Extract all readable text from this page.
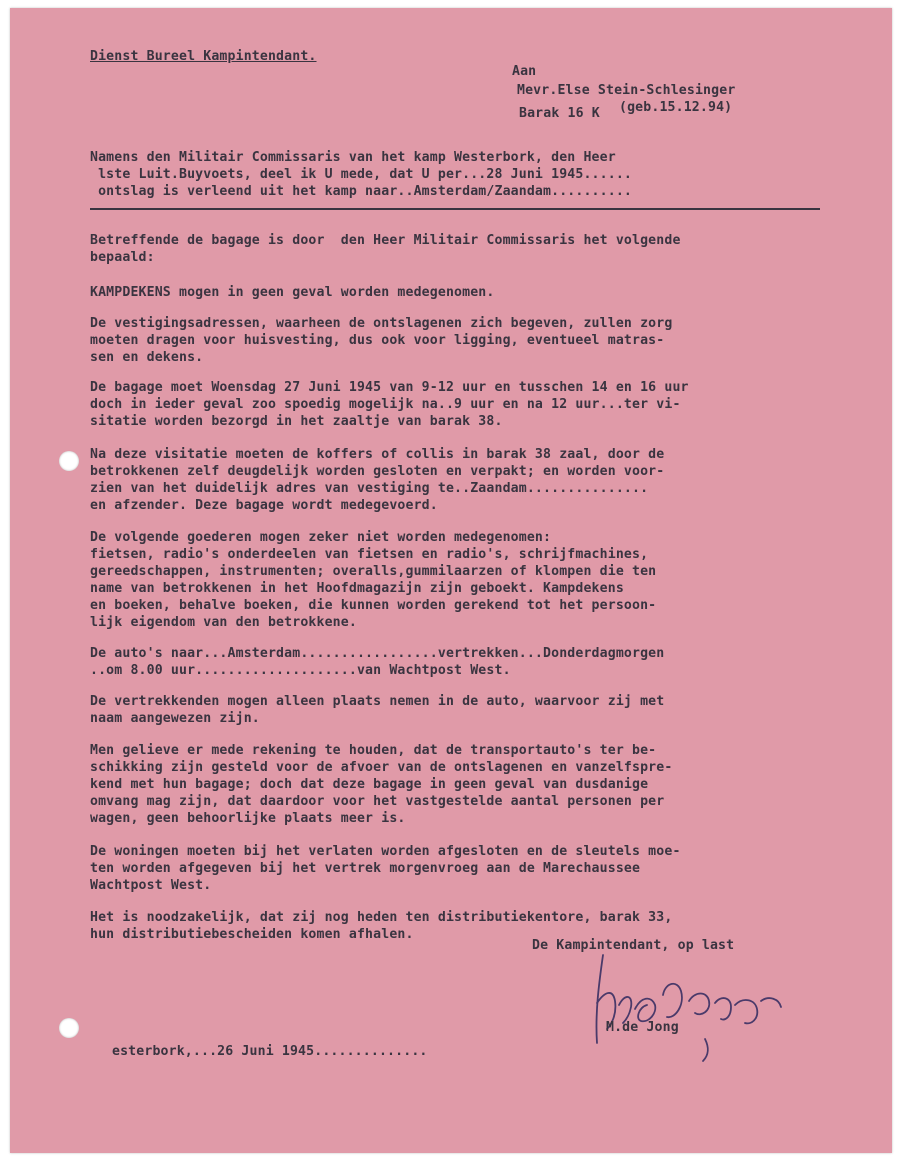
Dienst Bureel Kampintendant.
Aan
Mevr.Else Stein-Schlesinger
Barak 16 K (geb.15.12.94)
Namens den Militair Commissaris van het kamp Westerbork, den Heer
lste Luit.Buyvoets, deel ik U mede, dat U per...28 Juni 1945......
ontslag is verleend uit het kamp naar..Amsterdam/Zaandam..........
Betreffende de bagage is door  den Heer Militair Commissaris het volgende
bepaald:
KAMPDEKENS mogen in geen geval worden medegenomen.
De vestigingsadressen, waarheen de ontslagenen zich begeven, zullen zorg
moeten dragen voor huisvesting, dus ook voor ligging, eventueel matras-
sen en dekens.
De bagage moet Woensdag 27 Juni 1945 van 9-12 uur en tusschen 14 en 16 uur
doch in ieder geval zoo spoedig mogelijk na..9 uur en na 12 uur...ter vi-
sitatie worden bezorgd in het zaaltje van barak 38.
Na deze visitatie moeten de koffers of collis in barak 38 zaal, door de
betrokkenen zelf deugdelijk worden gesloten en verpakt; en worden voor-
zien van het duidelijk adres van vestiging te..Zaandam...............
en afzender. Deze bagage wordt medegevoerd.
De volgende goederen mogen zeker niet worden medegenomen:
fietsen, radio's onderdeelen van fietsen en radio's, schrijfmachines,
gereedschappen, instrumenten; overalls,gummilaarzen of klompen die ten
name van betrokkenen in het Hoofdmagazijn zijn geboekt. Kampdekens
en boeken, behalve boeken, die kunnen worden gerekend tot het persoon-
lijk eigendom van den betrokkene.
De auto's naar...Amsterdam.................vertrekken...Donderdagmorgen
..om 8.00 uur....................van Wachtpost West.
De vertrekkenden mogen alleen plaats nemen in de auto, waarvoor zij met
naam aangewezen zijn.
Men gelieve er mede rekening te houden, dat de transportauto's ter be-
schikking zijn gesteld voor de afvoer van de ontslagenen en vanzelfspre-
kend met hun bagage; doch dat deze bagage in geen geval van dusdanige
omvang mag zijn, dat daardoor voor het vastgestelde aantal personen per
wagen, geen behoorlijke plaats meer is.
De woningen moeten bij het verlaten worden afgesloten en de sleutels moe-
ten worden afgegeven bij het vertrek morgenvroeg aan de Marechaussee
Wachtpost West.
Het is noodzakelijk, dat zij nog heden ten distributiekentore, barak 33,
hun distributiebescheiden komen afhalen.
De Kampintendant, op last
M.de Jong
esterbork,...26 Juni 1945..............
